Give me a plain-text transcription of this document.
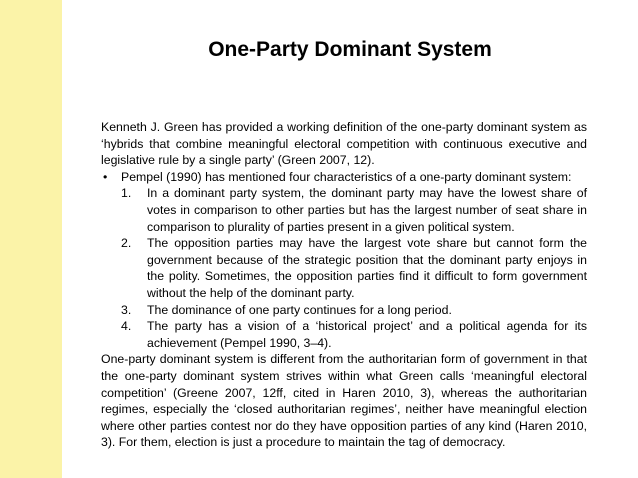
One-Party Dominant System

Kenneth J. Green has provided a working definition of the one-party dominant system as ‘hybrids that combine meaningful electoral competition with continuous executive and legislative rule by a single party’ (Green 2007, 12).

• Pempel (1990) has mentioned four characteristics of a one-party dominant system:

1. In a dominant party system, the dominant party may have the lowest share of votes in comparison to other parties but has the largest number of seat share in comparison to plurality of parties present in a given political system.
2. The opposition parties may have the largest vote share but cannot form the government because of the strategic position that the dominant party enjoys in the polity. Sometimes, the opposition parties find it difficult to form government without the help of the dominant party.
3. The dominance of one party continues for a long period.
4. The party has a vision of a ‘historical project’ and a political agenda for its achievement (Pempel 1990, 3–4).

One-party dominant system is different from the authoritarian form of government in that the one-party dominant system strives within what Green calls ‘meaningful electoral competition’ (Greene 2007, 12ff, cited in Haren 2010, 3), whereas the authoritarian regimes, especially the ‘closed authoritarian regimes’, neither have meaningful election where other parties contest nor do they have opposition parties of any kind (Haren 2010, 3). For them, election is just a procedure to maintain the tag of democracy.
